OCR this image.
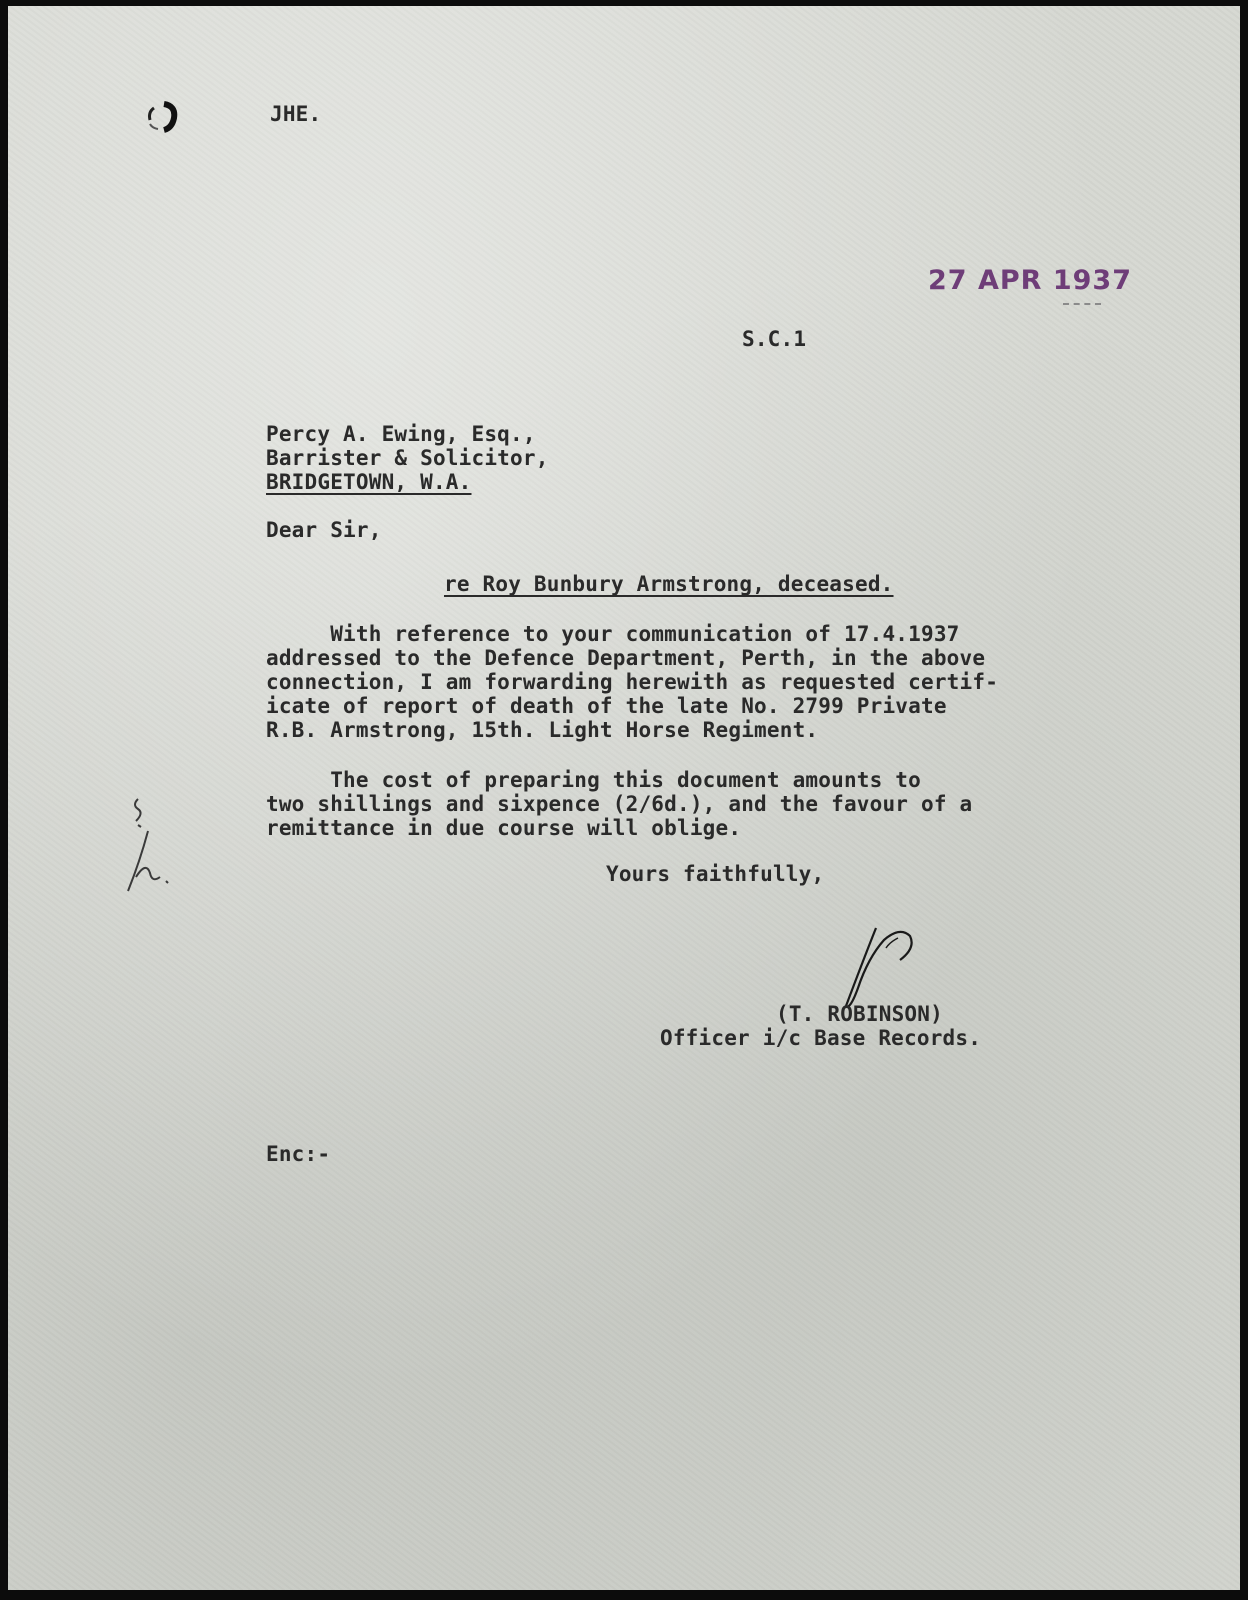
JHE.
27 APR 1937
S.C.1
Percy A. Ewing, Esq.,
Barrister & Solicitor,
BRIDGETOWN, W.A.
Dear Sir,
re Roy Bunbury Armstrong, deceased.
With reference to your communication of 17.4.1937
addressed to the Defence Department, Perth, in the above
connection, I am forwarding herewith as requested certif-
icate of report of death of the late No. 2799 Private
R.B. Armstrong, 15th. Light Horse Regiment.
The cost of preparing this document amounts to
two shillings and sixpence (2/6d.), and the favour of a
remittance in due course will oblige.
Yours faithfully,
(T. ROBINSON)
Officer i/c Base Records.
Enc:-
